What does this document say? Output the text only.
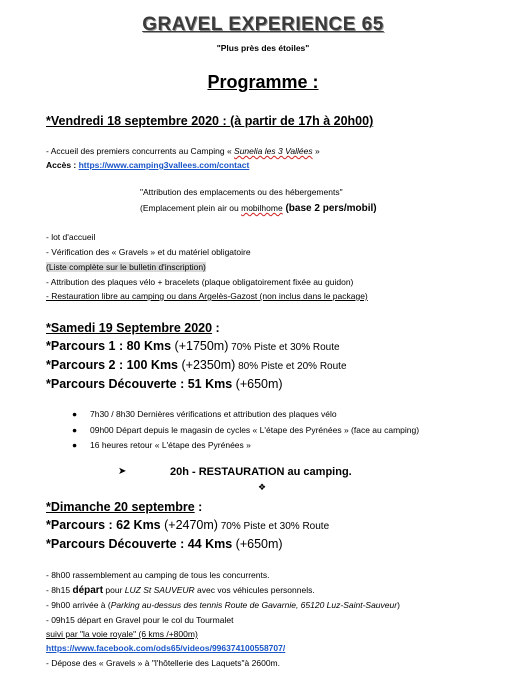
GRAVEL EXPERIENCE 65
"Plus près des étoiles"
Programme :
*Vendredi 18 septembre 2020 : (à partir de 17h à 20h00)
- Accueil des premiers concurrents au Camping « Sunelia les 3 Vallées »
Accès : https://www.camping3vallees.com/contact
"Attribution des emplacements ou des hébergements"
(Emplacement plein air ou mobilhome (base 2 pers/mobil)
- lot d'accueil
- Vérification des « Gravels » et du matériel obligatoire
(Liste complète sur le bulletin d'inscription)
- Attribution des plaques vélo + bracelets (plaque obligatoirement fixée au guidon)
- Restauration libre au camping ou dans Argelès-Gazost (non inclus dans le package)
*Samedi 19 Septembre 2020 :
*Parcours 1 : 80 Kms (+1750m) 70% Piste et 30% Route
*Parcours 2 : 100 Kms (+2350m) 80% Piste et 20% Route
*Parcours Découverte : 51 Kms (+650m)
● 7h30 / 8h30 Dernières vérifications et attribution des plaques vélo
● 09h00 Départ depuis le magasin de cycles « L'étape des Pyrénées » (face au camping)
● 16 heures retour « L'étape des Pyrénées »
➤	20h - RESTAURATION au camping.
❖
*Dimanche 20 septembre :
*Parcours : 62 Kms (+2470m) 70% Piste et 30% Route
*Parcours Découverte : 44 Kms (+650m)
- 8h00 rassemblement au camping de tous les concurrents.
- 8h15 départ pour LUZ St SAUVEUR avec vos véhicules personnels.
- 9h00 arrivée à (Parking au-dessus des tennis Route de Gavarnie, 65120 Luz-Saint-Sauveur)
- 09h15 départ en Gravel pour le col du Tourmalet
suivi par "la voie royale" (6 kms /+800m)
https://www.facebook.com/ods65/videos/996374100558707/
- Dépose des « Gravels » à "l'hôtellerie des Laquets"à 2600m.
